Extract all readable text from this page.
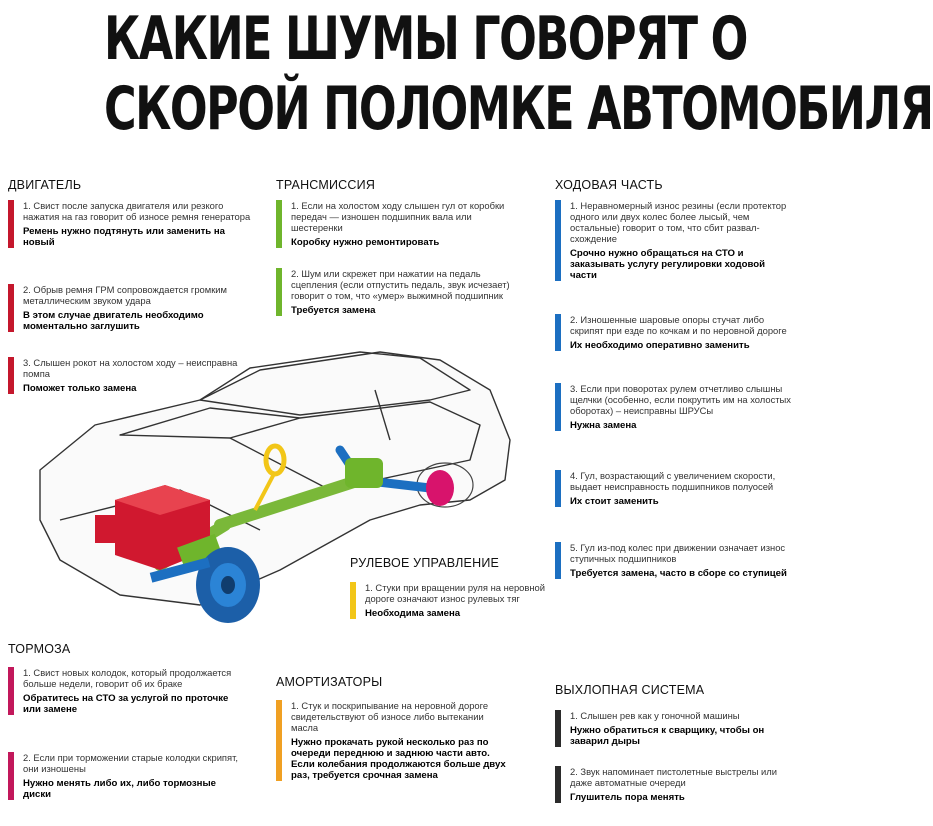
КАКИЕ ШУМЫ ГОВОРЯТ О
СКОРОЙ ПОЛОМКЕ АВТОМОБИЛЯ
ДВИГАТЕЛЬ
1. Свист после запуска двигателя или резкого нажатия на газ говорит об износе ремня генератора
Ремень нужно подтянуть или заменить на новый
2. Обрыв ремня ГРМ сопровождается громким металлическим звуком удара
В этом случае двигатель необходимо моментально заглушить
3. Слышен рокот на холостом ходу – неисправна помпа
Поможет только замена
ТРАНСМИССИЯ
1. Если на холостом ходу слышен гул от коробки передач — изношен подшипник вала или шестеренки
Коробку нужно ремонтировать
2. Шум или скрежет при нажатии на педаль сцепления (если отпустить педаль, звук исчезает) говорит о том, что «умер» выжимной подшипник
Требуется замена
ХОДОВАЯ ЧАСТЬ
1. Неравномерный износ резины (если протектор одного или двух колес более лысый, чем остальные) говорит о том, что сбит развал-схождение
Срочно нужно обращаться на СТО и заказывать услугу регулировки ходовой части
2. Изношенные шаровые опоры стучат либо скрипят при езде по кочкам и по неровной дороге
Их необходимо оперативно заменить
3. Если при поворотах рулем отчетливо слышны щелчки (особенно, если покрутить им на холостых оборотах) – неисправны ШРУСы
Нужна замена
4. Гул, возрастающий с увеличением скорости, выдает неисправность подшипников полуосей
Их стоит заменить
5. Гул из-под колес при движении означает износ ступичных подшипников
Требуется замена, часто в сборе со ступицей
РУЛЕВОЕ УПРАВЛЕНИЕ
1. Стуки при вращении руля на неровной дороге означают износ рулевых тяг
Необходима замена
ТОРМОЗА
1. Свист новых колодок, который продолжается больше недели, говорит об их браке
Обратитесь на СТО за услугой по проточке или замене
2. Если при торможении старые колодки скрипят, они изношены
Нужно менять либо их, либо тормозные диски
АМОРТИЗАТОРЫ
1. Стук и поскрипывание на неровной дороге свидетельствуют об износе либо вытекании масла
Нужно прокачать рукой несколько раз по очереди переднюю и заднюю части авто. Если колебания продолжаются больше двух раз, требуется срочная замена
ВЫХЛОПНАЯ СИСТЕМА
1. Слышен рев как у гоночной машины
Нужно обратиться к сварщику, чтобы он заварил дыры
2. Звук напоминает пистолетные выстрелы или даже автоматные очереди
Глушитель пора менять
